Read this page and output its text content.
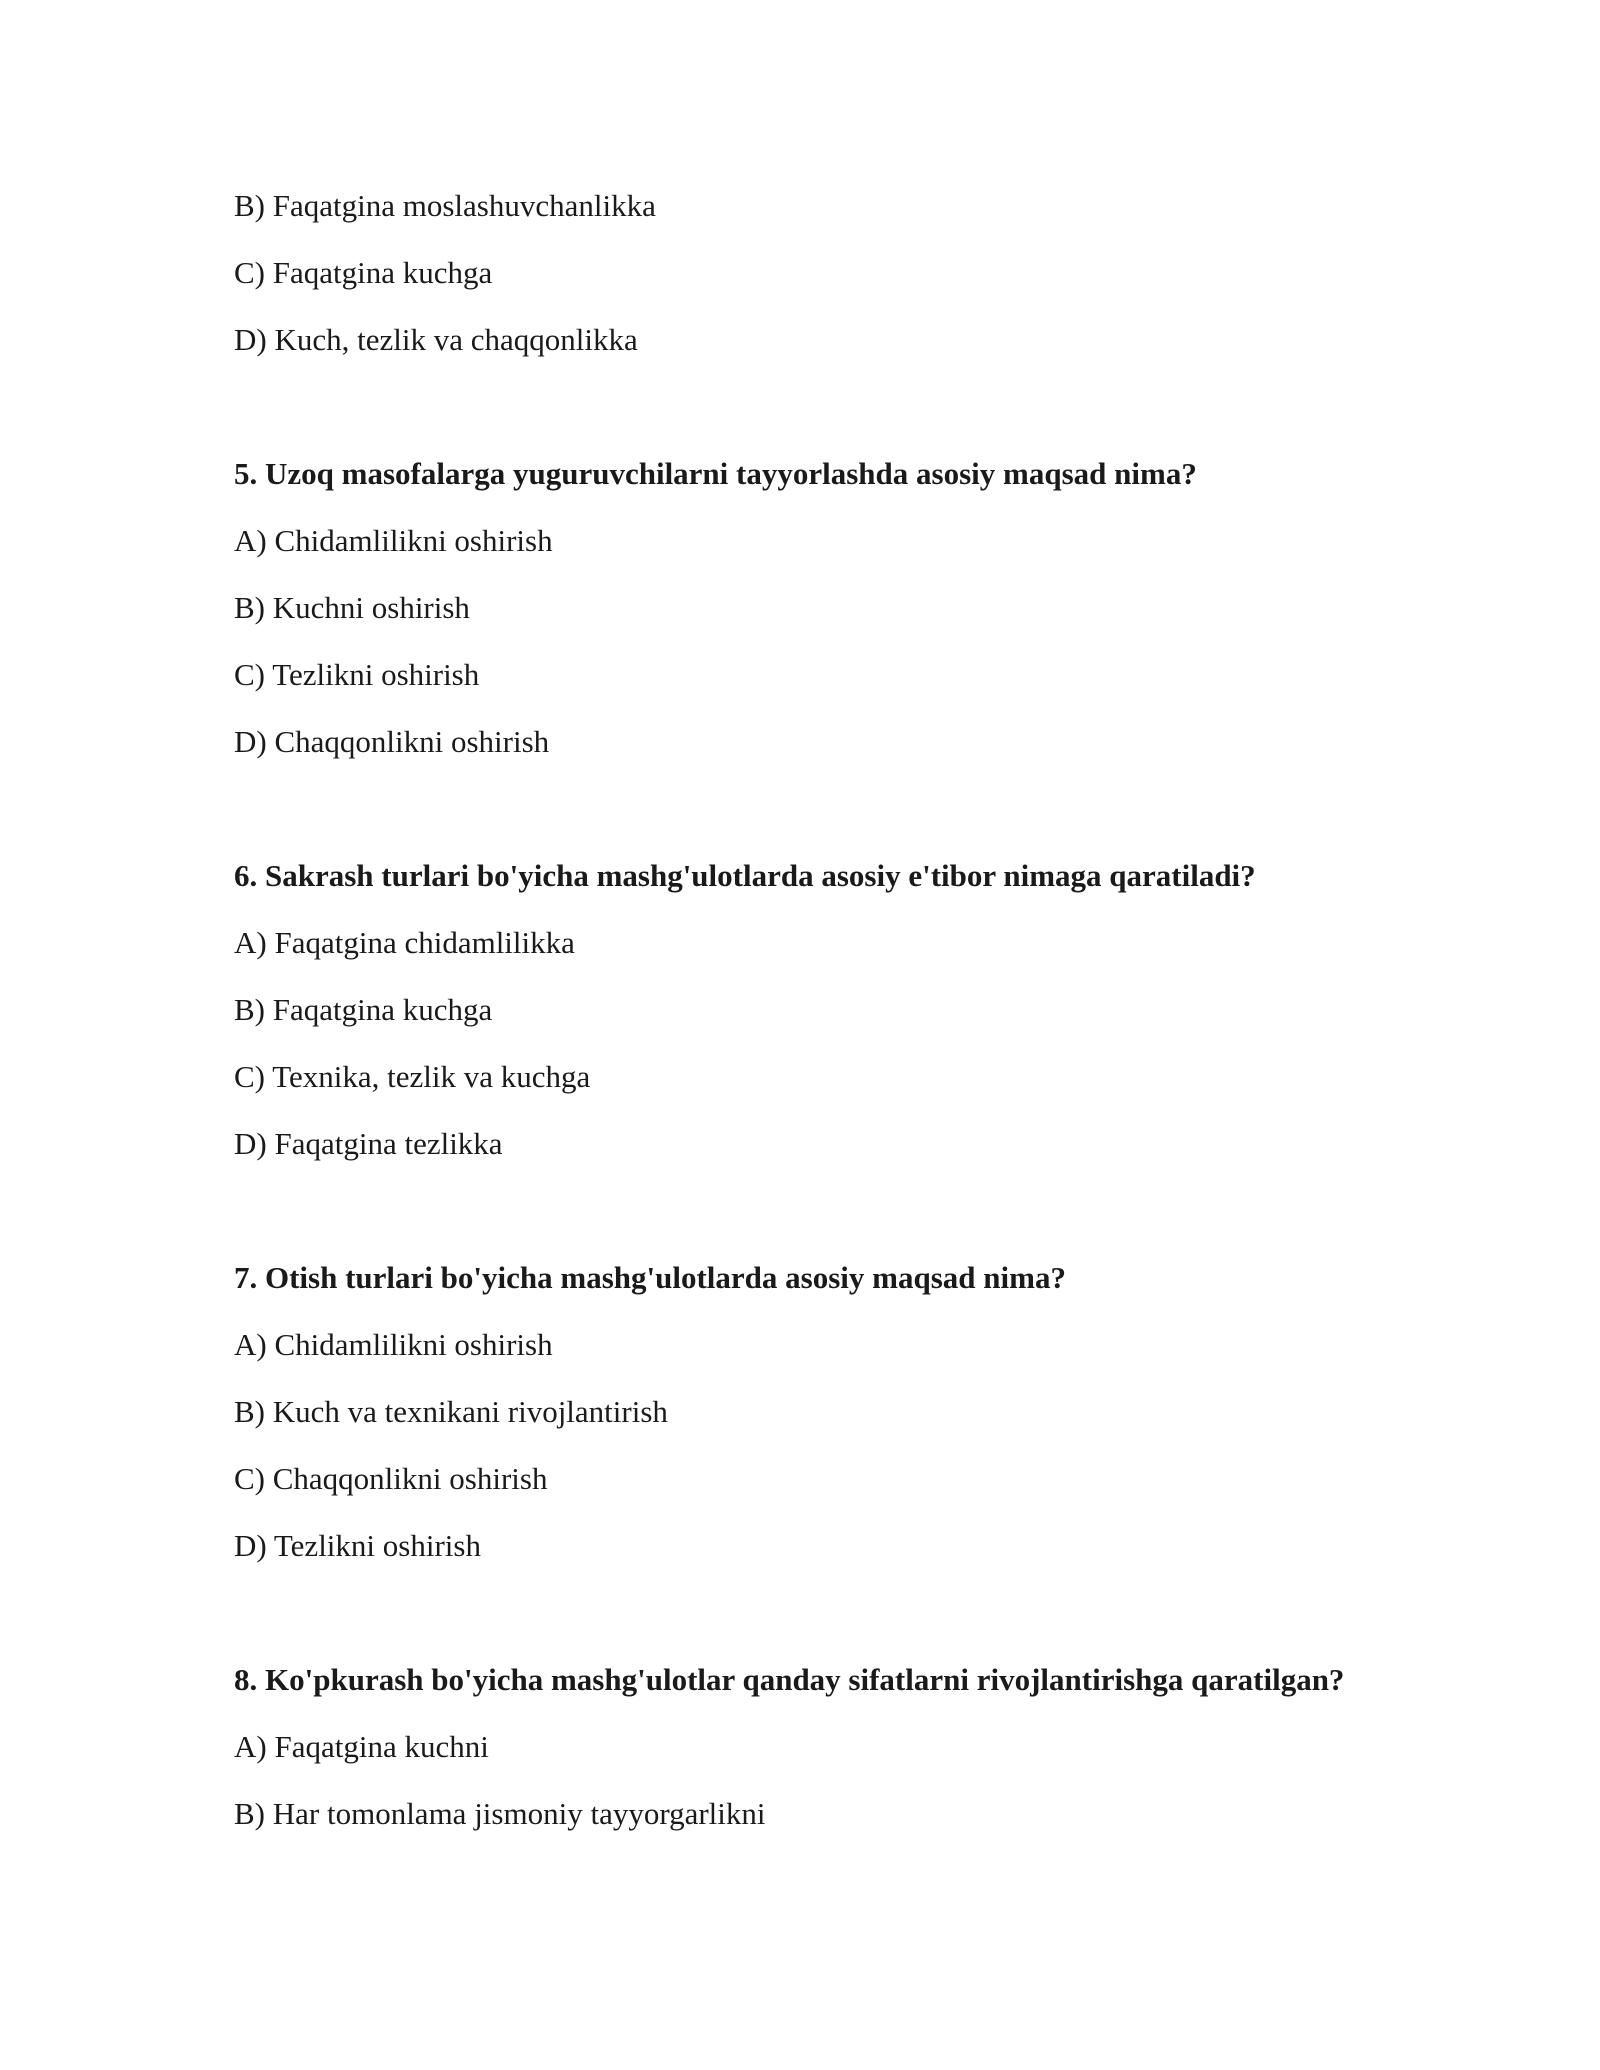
B) Faqatgina moslashuvchanlikka
C) Faqatgina kuchga
D) Kuch, tezlik va chaqqonlikka
5. Uzoq masofalarga yuguruvchilarni tayyorlashda asosiy maqsad nima?
A) Chidamlilikni oshirish
B) Kuchni oshirish
C) Tezlikni oshirish
D) Chaqqonlikni oshirish
6. Sakrash turlari bo'yicha mashg'ulotlarda asosiy e'tibor nimaga qaratiladi?
A) Faqatgina chidamlilikka
B) Faqatgina kuchga
C) Texnika, tezlik va kuchga
D) Faqatgina tezlikka
7. Otish turlari bo'yicha mashg'ulotlarda asosiy maqsad nima?
A) Chidamlilikni oshirish
B) Kuch va texnikani rivojlantirish
C) Chaqqonlikni oshirish
D) Tezlikni oshirish
8. Ko'pkurash bo'yicha mashg'ulotlar qanday sifatlarni rivojlantirishga qaratilgan?
A) Faqatgina kuchni
B) Har tomonlama jismoniy tayyorgarlikni
